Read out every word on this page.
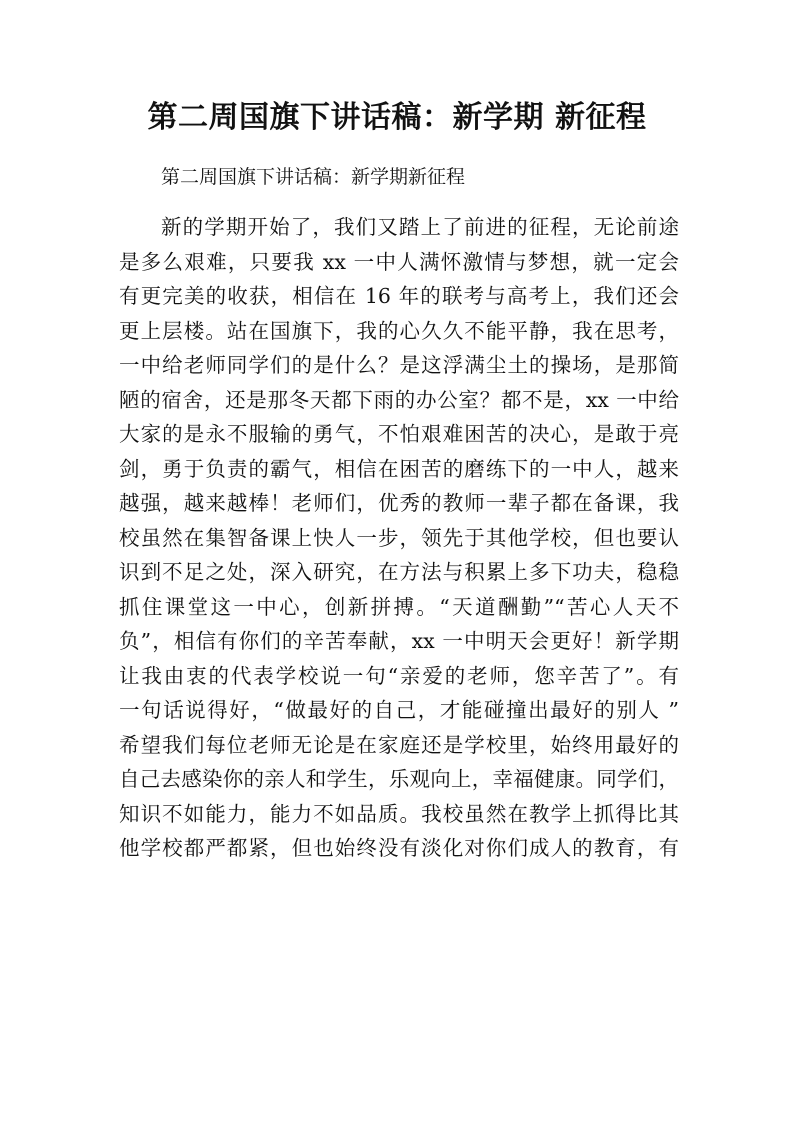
第二周国旗下讲话稿：新学期 新征程

第二周国旗下讲话稿：新学期新征程

新的学期开始了，我们又踏上了前进的征程，无论前途
是多么艰难，只要我 xx 一中人满怀激情与梦想，就一定会
有更完美的收获，相信在 16 年的联考与高考上，我们还会
更上层楼。站在国旗下，我的心久久不能平静，我在思考，
一中给老师同学们的是什么？是这浮满尘土的操场，是那简
陋的宿舍，还是那冬天都下雨的办公室？都不是，xx 一中给
大家的是永不服输的勇气，不怕艰难困苦的决心，是敢于亮
剑，勇于负责的霸气，相信在困苦的磨练下的一中人，越来
越强，越来越棒！老师们，优秀的教师一辈子都在备课，我
校虽然在集智备课上快人一步，领先于其他学校，但也要认
识到不足之处，深入研究，在方法与积累上多下功夫，稳稳
抓住课堂这一中心，创新拼搏。“天道酬勤”“苦心人天不
负”，相信有你们的辛苦奉献，xx 一中明天会更好！新学期
让我由衷的代表学校说一句“亲爱的老师，您辛苦了”。有
一句话说得好，“做最好的自己，才能碰撞出最好的别人 ”
希望我们每位老师无论是在家庭还是学校里，始终用最好的
自己去感染你的亲人和学生，乐观向上，幸福健康。同学们，
知识不如能力，能力不如品质。我校虽然在教学上抓得比其
他学校都严都紧，但也始终没有淡化对你们成人的教育，有
